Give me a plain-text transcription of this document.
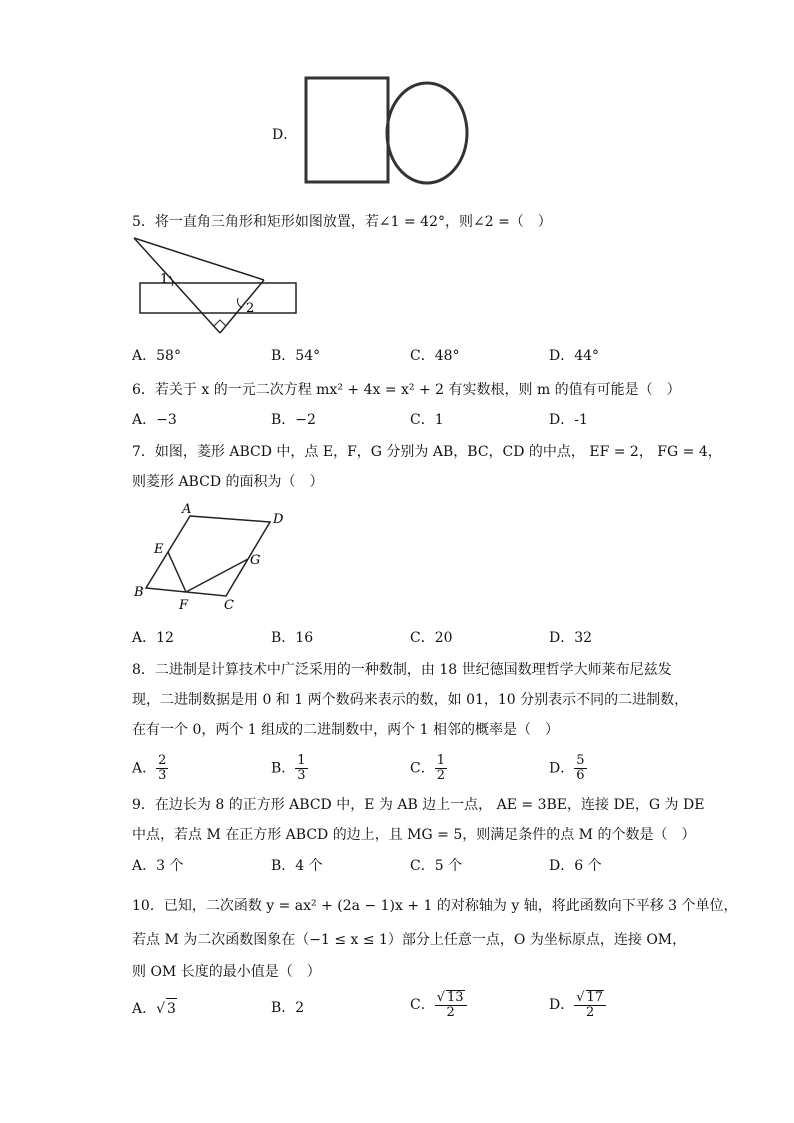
D．
5．将一直角三角形和矩形如图放置，若∠1 = 42°，则∠2 =（　）
1
2
A．58°	B．54°	C．48°	D．44°
6．若关于 x 的一元二次方程 mx² + 4x = x² + 2 有实数根，则 m 的值有可能是（　）
A．−3	B．−2	C．1	D．-1
7．如图，菱形 ABCD 中，点 E，F，G 分别为 AB，BC，CD 的中点， EF = 2， FG = 4，
则菱形 ABCD 的面积为（　）
A
D
E
G
B
F	C
A．12	B．16	C．20	D．32
8．二进制是计算技术中广泛采用的一种数制，由 18 世纪德国数理哲学大师莱布尼兹发
现，二进制数据是用 0 和 1 两个数码来表示的数，如 01，10 分别表示不同的二进制数，
在有一个 0，两个 1 组成的二进制数中，两个 1 相邻的概率是（　）
A． $\frac{2}{3}$	B． $\frac{1}{3}$	C． $\frac{1}{2}$	D． $\frac{5}{6}$
9．在边长为 8 的正方形 ABCD 中，E 为 AB 边上一点， AE = 3BE，连接 DE，G 为 DE
中点，若点 M 在正方形 ABCD 的边上，且 MG = 5，则满足条件的点 M 的个数是（　）
A．3 个	B．4 个	C．5 个	D．6 个
10．已知，二次函数 y = ax² + (2a − 1)x + 1 的对称轴为 y 轴，将此函数向下平移 3 个单位，
若点 M 为二次函数图象在（−1 ≤ x ≤ 1）部分上任意一点，O 为坐标原点，连接 OM，
则 OM 长度的最小值是（　）
A．√ 3	B．2	C． $\frac{√ 13}{2}$	D． $\frac{√ 17}{2}$
